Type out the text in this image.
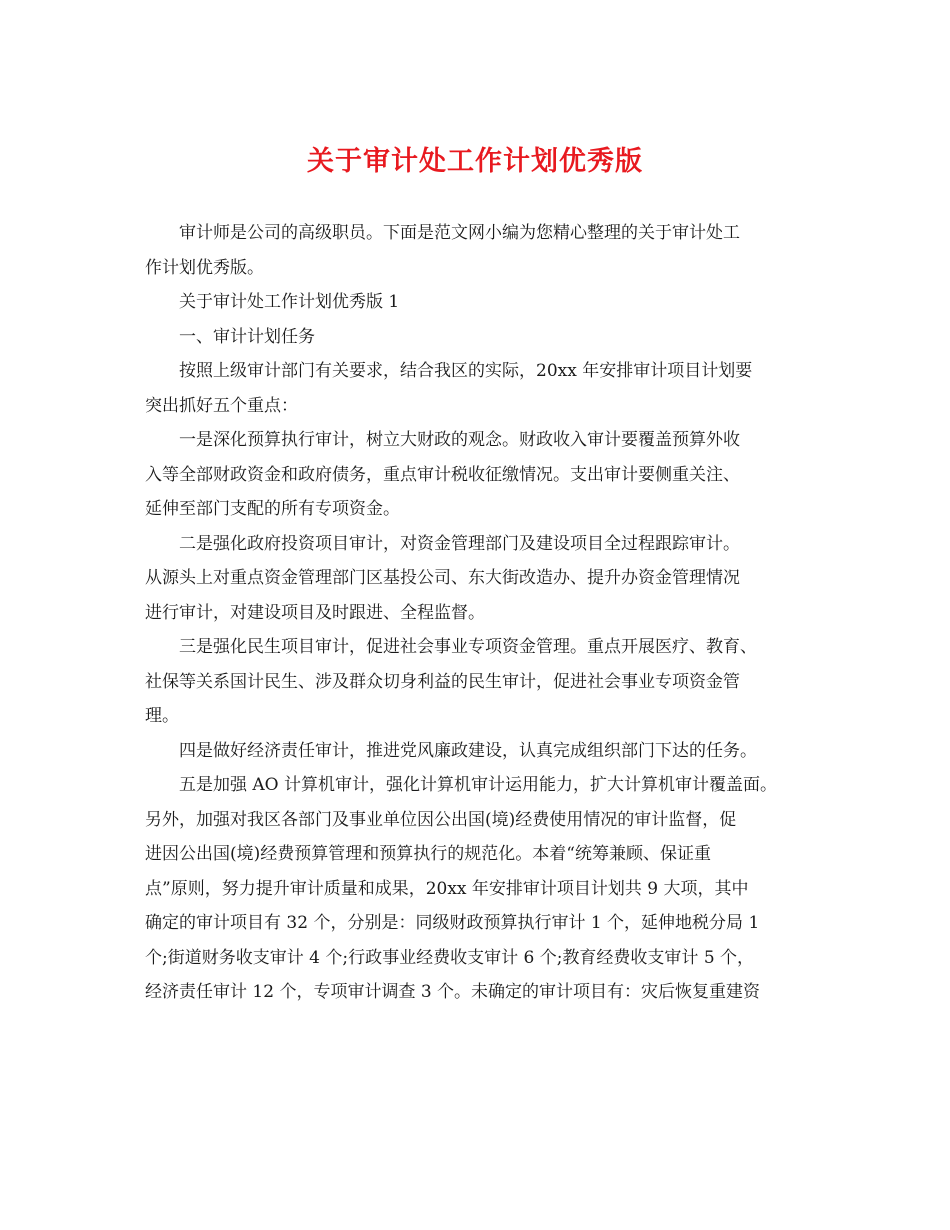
关于审计处工作计划优秀版
审计师是公司的高级职员。下面是范文网小编为您精心整理的关于审计处工
作计划优秀版。
关于审计处工作计划优秀版 1
一、审计计划任务
按照上级审计部门有关要求，结合我区的实际，20xx 年安排审计项目计划要
突出抓好五个重点：
一是深化预算执行审计，树立大财政的观念。财政收入审计要覆盖预算外收
入等全部财政资金和政府债务，重点审计税收征缴情况。支出审计要侧重关注、
延伸至部门支配的所有专项资金。
二是强化政府投资项目审计，对资金管理部门及建设项目全过程跟踪审计。
从源头上对重点资金管理部门区基投公司、东大街改造办、提升办资金管理情况
进行审计，对建设项目及时跟进、全程监督。
三是强化民生项目审计，促进社会事业专项资金管理。重点开展医疗、教育、
社保等关系国计民生、涉及群众切身利益的民生审计，促进社会事业专项资金管
理。
四是做好经济责任审计，推进党风廉政建设，认真完成组织部门下达的任务。
五是加强 AO 计算机审计，强化计算机审计运用能力，扩大计算机审计覆盖面。
另外，加强对我区各部门及事业单位因公出国(境)经费使用情况的审计监督，促
进因公出国(境)经费预算管理和预算执行的规范化。本着“统筹兼顾、保证重
点”原则，努力提升审计质量和成果，20xx 年安排审计项目计划共 9 大项，其中
确定的审计项目有 32 个，分别是：同级财政预算执行审计 1 个，延伸地税分局 1
个;街道财务收支审计 4 个;行政事业经费收支审计 6 个;教育经费收支审计 5 个，
经济责任审计 12 个，专项审计调查 3 个。未确定的审计项目有：灾后恢复重建资
